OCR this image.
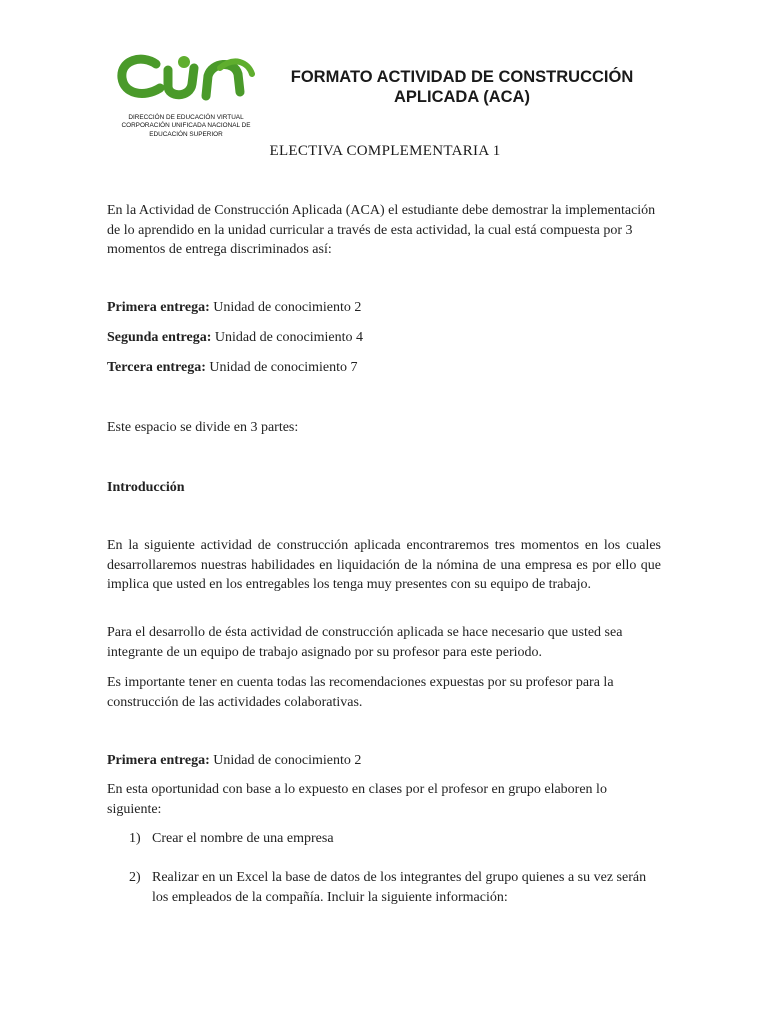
DIRECCIÓN DE EDUCACIÓN VIRTUAL
CORPORACIÓN UNIFICADA NACIONAL DE
EDUCACIÓN SUPERIOR
FORMATO ACTIVIDAD DE CONSTRUCCIÓN
APLICADA (ACA)
ELECTIVA COMPLEMENTARIA 1

En la Actividad de Construcción Aplicada (ACA) el estudiante debe demostrar la implementación de lo aprendido en la unidad curricular a través de esta actividad, la cual está compuesta por 3 momentos de entrega discriminados así:

Primera entrega: Unidad de conocimiento 2
Segunda entrega: Unidad de conocimiento 4
Tercera entrega: Unidad de conocimiento 7
Este espacio se divide en 3 partes:
Introducción

En la siguiente actividad de construcción aplicada encontraremos tres momentos en los cuales desarrollaremos nuestras habilidades en liquidación de la nómina de una empresa es por ello que implica que usted en los entregables los tenga muy presentes con su equipo de trabajo.

Para el desarrollo de ésta actividad de construcción aplicada se hace necesario que usted sea integrante de un equipo de trabajo asignado por su profesor para este periodo.

Es importante tener en cuenta todas las recomendaciones expuestas por su profesor para la construcción de las actividades colaborativas.

Primera entrega: Unidad de conocimiento 2

En esta oportunidad con base a lo expuesto en clases por el profesor en grupo elaboren lo siguiente:

1) Crear el nombre de una empresa
2) Realizar en un Excel la base de datos de los integrantes del grupo quienes a su vez serán los empleados de la compañía. Incluir la siguiente información:
